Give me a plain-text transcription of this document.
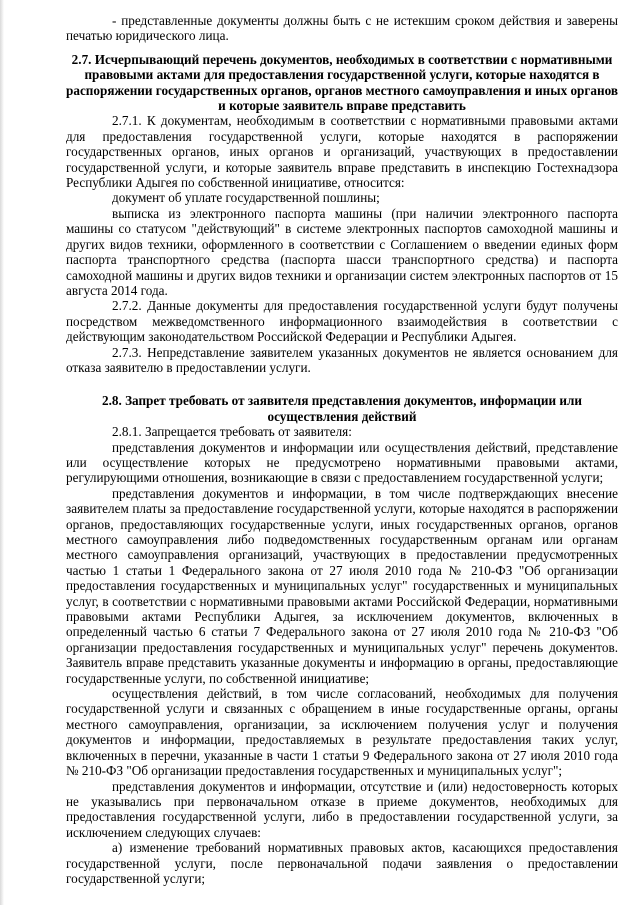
- представленные документы должны быть с не истекшим сроком действия и заверены печатью юридического лица.

2.7. Исчерпывающий перечень документов, необходимых в соответствии с нормативными правовыми актами для предоставления государственной услуги, которые находятся в распоряжении государственных органов, органов местного самоуправления и иных органов и которые заявитель вправе представить

2.7.1. К документам, необходимым в соответствии с нормативными правовыми актами для предоставления государственной услуги, которые находятся в распоряжении государственных органов, иных органов и организаций, участвующих в предоставлении государственной услуги, и которые заявитель вправе представить в инспекцию Гостехнадзора Республики Адыгея по собственной инициативе, относится:

документ об уплате государственной пошлины;

выписка из электронного паспорта машины (при наличии электронного паспорта машины со статусом "действующий" в системе электронных паспортов самоходной машины и других видов техники, оформленного в соответствии с Соглашением о введении единых форм паспорта транспортного средства (паспорта шасси транспортного средства) и паспорта самоходной машины и других видов техники и организации систем электронных паспортов от 15 августа 2014 года.

2.7.2. Данные документы для предоставления государственной услуги будут получены посредством межведомственного информационного взаимодействия в соответствии с действующим законодательством Российской Федерации и Республики Адыгея.

2.7.3. Непредставление заявителем указанных документов не является основанием для отказа заявителю в предоставлении услуги.

2.8. Запрет требовать от заявителя представления документов, информации или осуществления действий

2.8.1. Запрещается требовать от заявителя:

представления документов и информации или осуществления действий, представление или осуществление которых не предусмотрено нормативными правовыми актами, регулирующими отношения, возникающие в связи с предоставлением государственной услуги;

представления документов и информации, в том числе подтверждающих внесение заявителем платы за предоставление государственной услуги, которые находятся в распоряжении органов, предоставляющих государственные услуги, иных государственных органов, органов местного самоуправления либо подведомственных государственным органам или органам местного самоуправления организаций, участвующих в предоставлении предусмотренных частью 1 статьи 1 Федерального закона от 27 июля 2010 года № 210-ФЗ "Об организации предоставления государственных и муниципальных услуг" государственных и муниципальных услуг, в соответствии с нормативными правовыми актами Российской Федерации, нормативными правовыми актами Республики Адыгея, за исключением документов, включенных в определенный частью 6 статьи 7 Федерального закона от 27 июля 2010 года № 210-ФЗ "Об организации предоставления государственных и муниципальных услуг" перечень документов. Заявитель вправе представить указанные документы и информацию в органы, предоставляющие государственные услуги, по собственной инициативе;

осуществления действий, в том числе согласований, необходимых для получения государственной услуги и связанных с обращением в иные государственные органы, органы местного самоуправления, организации, за исключением получения услуг и получения документов и информации, предоставляемых в результате предоставления таких услуг, включенных в перечни, указанные в части 1 статьи 9 Федерального закона от 27 июля 2010 года № 210-ФЗ "Об организации предоставления государственных и муниципальных услуг";

представления документов и информации, отсутствие и (или) недостоверность которых не указывались при первоначальном отказе в приеме документов, необходимых для предоставления государственной услуги, либо в предоставлении государственной услуги, за исключением следующих случаев:

а) изменение требований нормативных правовых актов, касающихся предоставления государственной услуги, после первоначальной подачи заявления о предоставлении государственной услуги;
